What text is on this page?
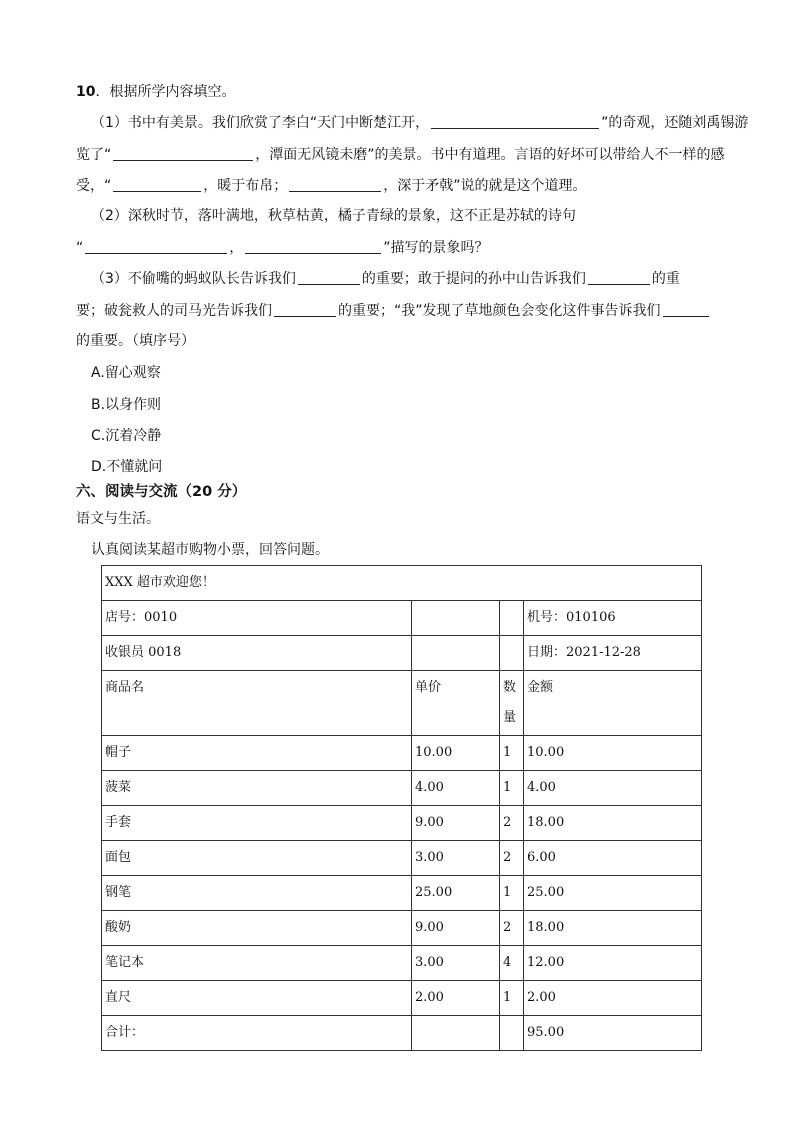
10．根据所学内容填空。
（1）书中有美景。我们欣赏了李白“天门中断楚江开，	”的奇观，还随刘禹锡游
览了“	，潭面无风镜未磨”的美景。书中有道理。言语的好坏可以带给人不一样的感
受，“	，暖于布帛；	，深于矛戟”说的就是这个道理。
（2）深秋时节，落叶满地，秋草枯黄，橘子青绿的景象，这不正是苏轼的诗句
“	，	”描写的景象吗？
（3）不偷嘴的蚂蚁队长告诉我们	的重要；敢于提问的孙中山告诉我们	的重
要；破瓮救人的司马光告诉我们	的重要；“我”发现了草地颜色会变化这件事告诉我们
的重要。（填序号）
A.留心观察
B.以身作则
C.沉着冷静
D.不懂就问
六、阅读与交流（20 分）
语文与生活。
认真阅读某超市购物小票，回答问题。
XXX 超市欢迎您！			
店号：0010			机号：010106
收银员 0018			日期：2021-12-28
商品名	单价	数量	金额
帽子	10.00	1	10.00
菠菜	4.00	1	4.00
手套	9.00	2	18.00
面包	3.00	2	6.00
钢笔	25.00	1	25.00
酸奶	9.00	2	18.00
笔记本	3.00	4	12.00
直尺	2.00	1	2.00
合计：			95.00
